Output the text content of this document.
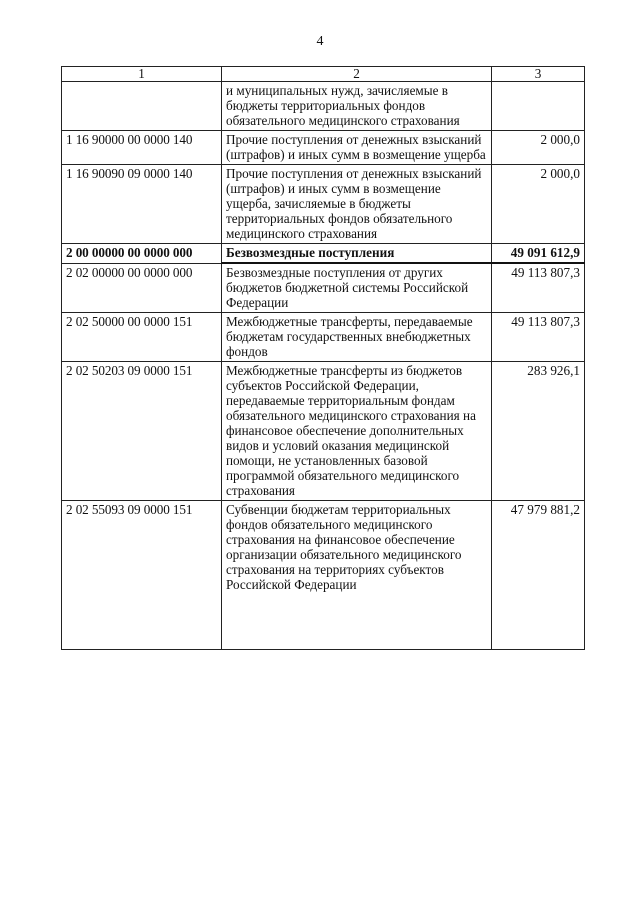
4
1	2	3
	и муниципальных нужд, зачисляемые в бюджеты территориальных фондов обязательного медицинского страхования	
1 16 90000 00 0000 140	Прочие поступления от денежных взысканий (штрафов) и иных сумм в возмещение ущерба	2 000,0
1 16 90090 09 0000 140	Прочие поступления от денежных взысканий (штрафов) и иных сумм в возмещение ущерба, зачисляемые в бюджеты территориальных фондов обязательного медицинского страхования	2 000,0
2 00 00000 00 0000 000	Безвозмездные поступления	49 091 612,9
2 02 00000 00 0000 000	Безвозмездные поступления от других бюджетов бюджетной системы Российской Федерации	49 113 807,3
2 02 50000 00 0000 151	Межбюджетные трансферты, передаваемые бюджетам государственных внебюджетных фондов	49 113 807,3
2 02 50203 09 0000 151	Межбюджетные трансферты из бюджетов субъектов Российской Федерации, передаваемые территориальным фондам обязательного медицинского страхования на финансовое обеспечение дополнительных видов и условий оказания медицинской помощи, не установленных базовой программой обязательного медицинского страхования	283 926,1
2 02 55093 09 0000 151	Субвенции бюджетам территориальных фондов обязательного медицинского страхования на финансовое обеспечение организации обязательного медицинского страхования на территориях субъектов Российской Федерации	47 979 881,2
